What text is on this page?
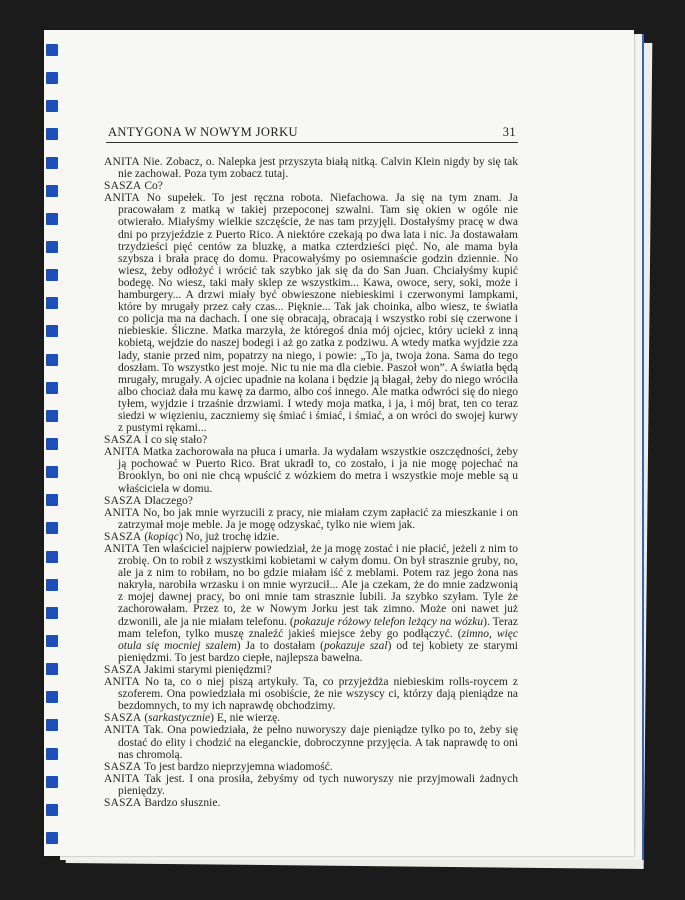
ANTYGONA W NOWYM JORKU	31

ANITA Nie. Zobacz, o. Nalepka jest przyszyta białą nitką. Calvin Klein nigdy by się tak nie zachował. Poza tym zobacz tutaj.

SASZA Co?

ANITA No supełek. To jest ręczna robota. Niefachowa. Ja się na tym znam. Ja pracowałam z matką w takiej przepoconej szwalni. Tam się okien w ogóle nie otwierało. Miałyśmy wielkie szczęście, że nas tam przyjęli. Dostałyśmy pracę w dwa dni po przyjeździe z Puerto Rico. A niektóre czekają po dwa lata i nic. Ja dostawałam trzydzieści pięć centów za bluzkę, a matka czterdzieści pięć. No, ale mama była szybsza i brała pracę do domu. Pracowałyśmy po osiemnaście godzin dziennie. No wiesz, żeby odłożyć i wrócić tak szybko jak się da do San Juan. Chciałyśmy kupić bodegę. No wiesz, taki mały sklep ze wszystkim... Kawa, owoce, sery, soki, może i hamburgery... A drzwi miały być obwieszone niebieskimi i czerwonymi lampkami, które by mrugały przez cały czas... Pięknie... Tak jak choinka, albo wiesz, te światła co policja ma na dachach. I one się obracają, obracają i wszystko robi się czerwone i niebieskie. Śliczne. Matka marzyła, że któregoś dnia mój ojciec, który uciekł z inną kobietą, wejdzie do naszej bodegi i aż go zatka z podziwu. A wtedy matka wyjdzie zza lady, stanie przed nim, popatrzy na niego, i powie: „To ja, twoja żona. Sama do tego doszłam. To wszystko jest moje. Nic tu nie ma dla ciebie. Paszoł won”. A światła będą mrugały, mrugały. A ojciec upadnie na kolana i będzie ją błagał, żeby do niego wróciła albo chociaż dała mu kawę za darmo, albo coś innego. Ale matka odwróci się do niego tyłem, wyjdzie i trzaśnie drzwiami. I wtedy moja matka, i ja, i mój brat, ten co teraz siedzi w więzieniu, zaczniemy się śmiać i śmiać, i śmiać, a on wróci do swojej kurwy z pustymi rękami...

SASZA I co się stało?

ANITA Matka zachorowała na płuca i umarła. Ja wydałam wszystkie oszczędności, żeby ją pochować w Puerto Rico. Brat ukradł to, co zostało, i ja nie mogę pojechać na Brooklyn, bo oni nie chcą wpuścić z wózkiem do metra i wszystkie moje meble są u właściciela w domu.

SASZA Dlaczego?

ANITA No, bo jak mnie wyrzucili z pracy, nie miałam czym zapłacić za mieszkanie i on zatrzymał moje meble. Ja je mogę odzyskać, tylko nie wiem jak.

SASZA (kopiąc) No, już trochę idzie.

ANITA Ten właściciel najpierw powiedział, że ja mogę zostać i nie płacić, jeżeli z nim to zrobię. On to robił z wszystkimi kobietami w całym domu. On był strasznie gruby, no, ale ja z nim to robiłam, no bo gdzie miałam iść z meblami. Potem raz jego żona nas nakryła, narobiła wrzasku i on mnie wyrzucił... Ale ja czekam, że do mnie zadzwonią z mojej dawnej pracy, bo oni mnie tam strasznie lubili. Ja szybko szyłam. Tyle że zachorowałam. Przez to, że w Nowym Jorku jest tak zimno. Może oni nawet już dzwonili, ale ja nie miałam telefonu. (pokazuje różowy telefon leżący na wózku). Teraz mam telefon, tylko muszę znaleźć jakieś miejsce żeby go podłączyć. (zimno, więc otula się mocniej szalem) Ja to dostałam (pokazuje szal) od tej kobiety ze starymi pieniędzmi. To jest bardzo ciepłe, najlepsza bawełna.

SASZA Jakimi starymi pieniędzmi?

ANITA No ta, co o niej piszą artykuły. Ta, co przyjeżdża niebieskim rolls-roycem z szoferem. Ona powiedziała mi osobiście, że nie wszyscy ci, którzy dają pieniądze na bezdomnych, to my ich naprawdę obchodzimy.

SASZA (sarkastycznie) E, nie wierzę.

ANITA Tak. Ona powiedziała, że pełno nuworyszy daje pieniądze tylko po to, żeby się dostać do elity i chodzić na eleganckie, dobroczynne przyjęcia. A tak naprawdę to oni nas chromolą.

SASZA To jest bardzo nieprzyjemna wiadomość.

ANITA Tak jest. I ona prosiła, żebyśmy od tych nuworyszy nie przyjmowali żadnych pieniędzy.

SASZA Bardzo słusznie.
